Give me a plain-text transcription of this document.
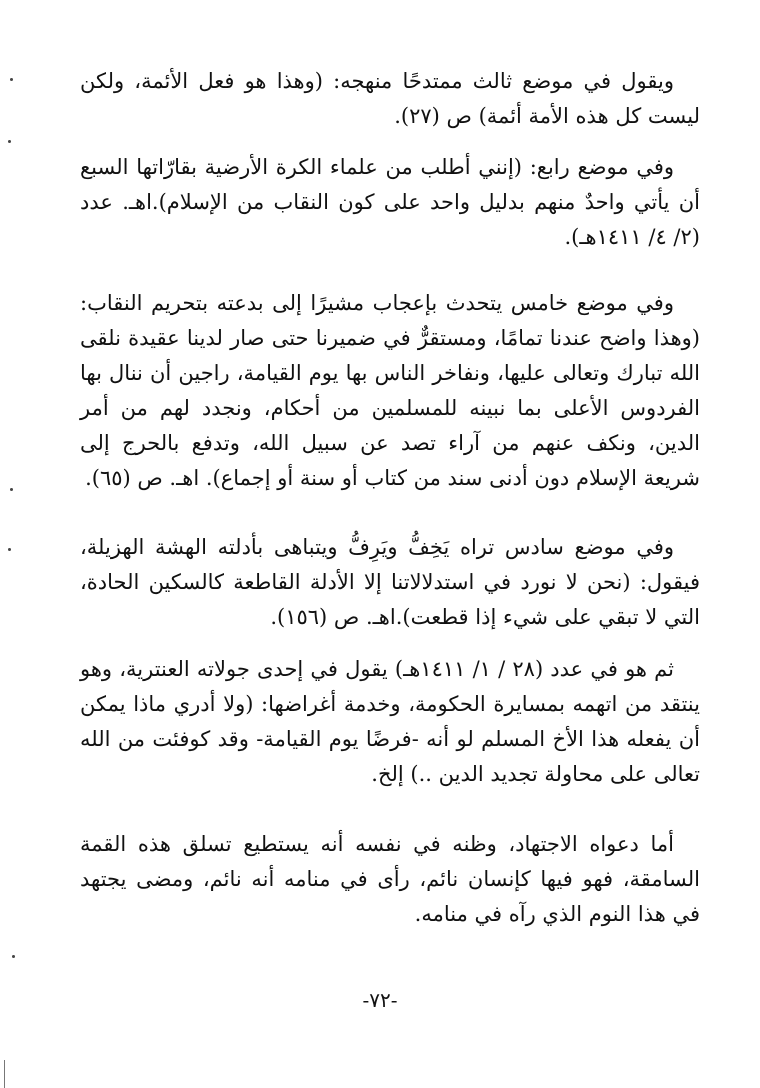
ويقول في موضع ثالث ممتدحًا منهجه: (وهذا هو فعل الأئمة، ولكن ليست كل هذه الأمة أئمة) ص (٢٧).

وفي موضع رابع: (إنني أطلب من علماء الكرة الأرضية بقارّاتها السبع أن يأتي واحدٌ منهم بدليل واحد على كون النقاب من الإسلام).اهـ. عدد (٢/ ٤/ ١٤١١هـ).

وفي موضع خامس يتحدث بإعجاب مشيرًا إلى بدعته بتحريم النقاب: (وهذا واضح عندنا تمامًا، ومستقرٌّ في ضميرنا حتى صار لدينا عقيدة نلقى الله تبارك وتعالى عليها، ونفاخر الناس بها يوم القيامة، راجين أن ننال بها الفردوس الأعلى بما نبينه للمسلمين من أحكام، ونجدد لهم من أمر الدين، ونكف عنهم من آراء تصد عن سبيل الله، وتدفع بالحرج إلى شريعة الإسلام دون أدنى سند من كتاب أو سنة أو إجماع). اهـ. ص (٦٥).

وفي موضع سادس تراه يَخِفُّ ويَرِفُّ ويتباهى بأدلته الهشة الهزيلة، فيقول: (نحن لا نورد في استدلالاتنا إلا الأدلة القاطعة كالسكين الحادة، التي لا تبقي على شيء إذا قطعت).اهـ. ص (١٥٦).

ثم هو في عدد (٢٨ / ١/ ١٤١١هـ) يقول في إحدى جولاته العنترية، وهو ينتقد من اتهمه بمسايرة الحكومة، وخدمة أغراضها: (ولا أدري ماذا يمكن أن يفعله هذا الأخ المسلم لو أنه -فرضًا يوم القيامة- وقد كوفئت من الله تعالى على محاولة تجديد الدين ..) إلخ.

أما دعواه الاجتهاد، وظنه في نفسه أنه يستطيع تسلق هذه القمة السامقة، فهو فيها كإنسان نائم، رأى في منامه أنه نائم، ومضى يجتهد في هذا النوم الذي رآه في منامه.

-٧٢-
